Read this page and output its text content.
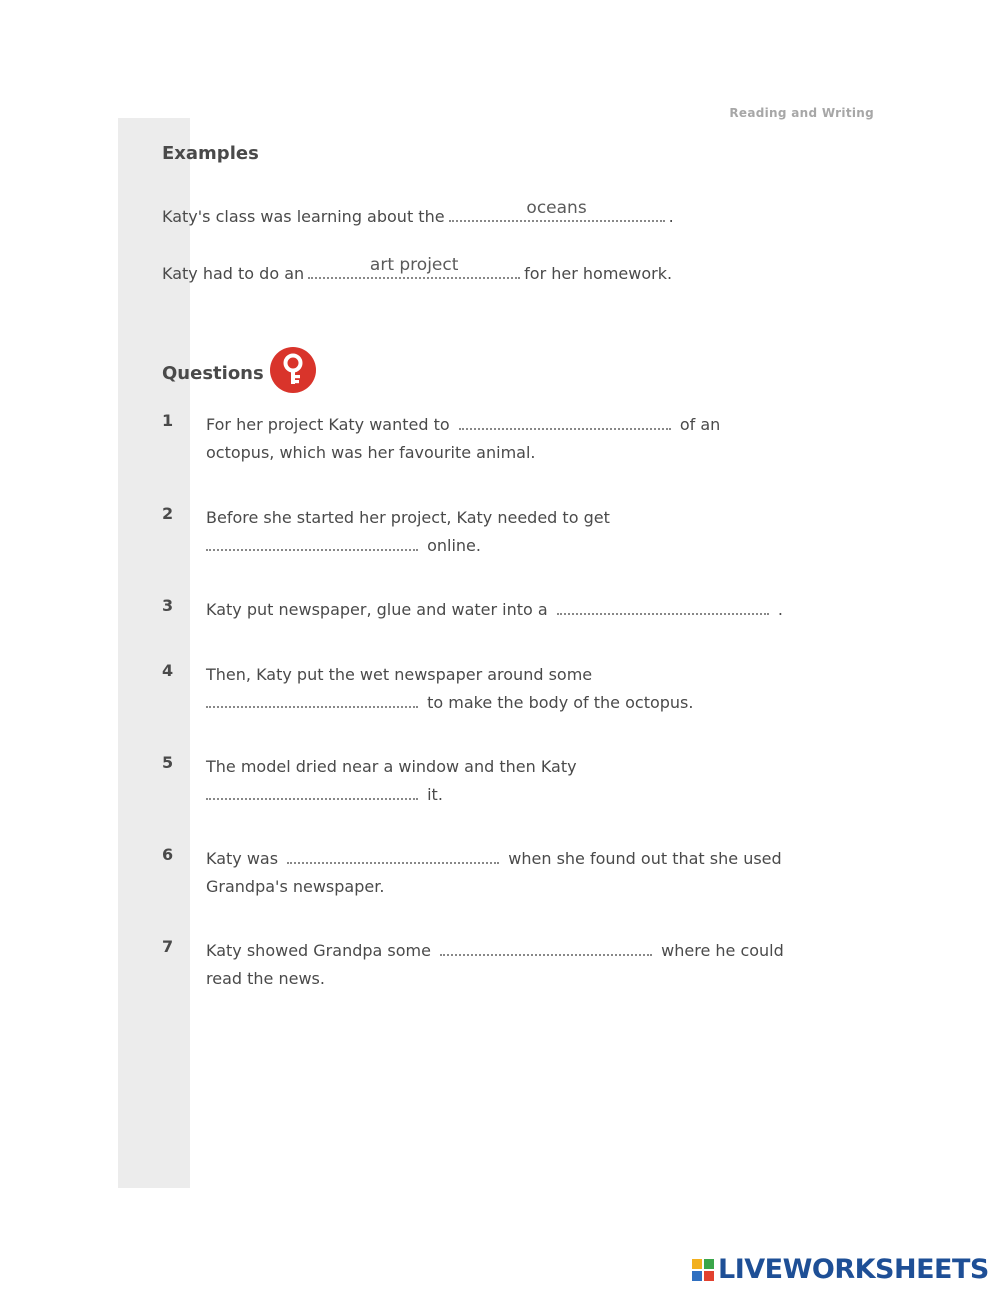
Reading and Writing
Examples
Katy's class was learning about the	oceans	.
Katy had to do an	art project	for her homework.
Questions
1 For her project Katy wanted to	of an
octopus, which was her favourite animal.
2 Before she started her project, Katy needed to get
online.
3 Katy put newspaper, glue and water into a	.
4 Then, Katy put the wet newspaper around some
to make the body of the octopus.
5 The model dried near a window and then Katy
it.
6 Katy was	when she found out that she used
Grandpa's newspaper.
7 Katy showed Grandpa some	where he could
read the news.
LIVEWORKSHEETS
